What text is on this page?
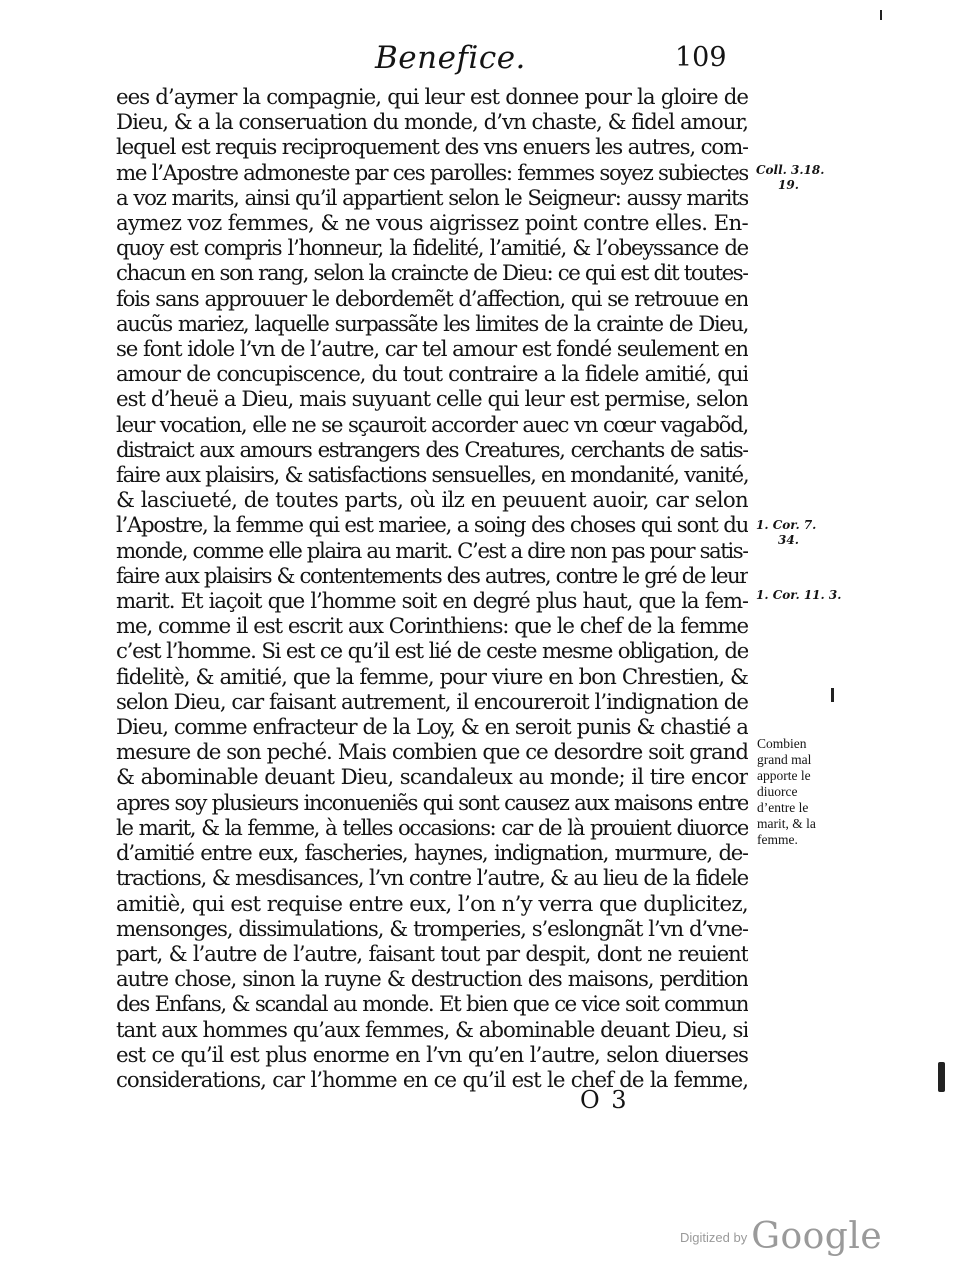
Benefice.	109
ees d’aymer la compagnie, qui leur est donnee pour la gloire de
Dieu, & a la conseruation du monde, d’vn chaste, & fidel amour,
lequel est requis reciproquement des vns enuers les autres, com-
me l’Apostre admoneste par ces parolles: femmes soyez subiectes
a voz marits, ainsi qu’il appartient selon le Seigneur: aussy marits
aymez voz femmes, & ne vous aigrissez point contre elles. En-
quoy est compris l’honneur, la fidelité, l’amitié, & l’obeyssance de
chacun en son rang, selon la craincte de Dieu: ce qui est dit toutes-
fois sans approuuer le debordemẽt d’affection, qui se retrouue en
aucũs mariez, laquelle surpassãte les limites de la crainte de Dieu,
se font idole l’vn de l’autre, car tel amour est fondé seulement en
amour de concupiscence, du tout contraire a la fidele amitié, qui
est d’heuë a Dieu, mais suyuant celle qui leur est permise, selon
leur vocation, elle ne se sçauroit accorder auec vn cœur vagabõd,
distraict aux amours estrangers des Creatures, cerchants de satis-
faire aux plaisirs, & satisfactions sensuelles, en mondanité, vanité,
& lasciueté, de toutes parts, où ilz en peuuent auoir, car selon
l’Apostre, la femme qui est mariee, a soing des choses qui sont du
monde, comme elle plaira au marit. C’est a dire non pas pour satis-
faire aux plaisirs & contentements des autres, contre le gré de leur
marit. Et iaçoit que l’homme soit en degré plus haut, que la fem-
me, comme il est escrit aux Corinthiens: que le chef de la femme
c’est l’homme. Si est ce qu’il est lié de ceste mesme obligation, de
fidelitè, & amitié, que la femme, pour viure en bon Chrestien, &
selon Dieu, car faisant autrement, il encoureroit l’indignation de
Dieu, comme enfracteur de la Loy, & en seroit punis & chastié a
mesure de son peché. Mais combien que ce desordre soit grand
& abominable deuant Dieu, scandaleux au monde; il tire encor
apres soy plusieurs inconueniẽs qui sont causez aux maisons entre
le marit, & la femme, à telles occasions: car de là prouient diuorce
d’amitié entre eux, fascheries, haynes, indignation, murmure, de-
tractions, & mesdisances, l’vn contre l’autre, & au lieu de la fidele
amitiè, qui est requise entre eux, l’on n’y verra que duplicitez,
mensonges, dissimulations, & tromperies, s’eslongnãt l’vn d’vne-
part, & l’autre de l’autre, faisant tout par despit, dont ne reuient
autre chose, sinon la ruyne & destruction des maisons, perdition
des Enfans, & scandal au monde. Et bien que ce vice soit commun
tant aux hommes qu’aux femmes, & abominable deuant Dieu, si
est ce qu’il est plus enorme en l’vn qu’en l’autre, selon diuerses
considerations, car l’homme en ce qu’il est le chef de la femme,
Coll. 3.18.
19.
1. Cor. 7.
34.
1. Cor. 11. 3.
Combien
grand mal
apporte le
diuorce
d’entre le
marit, & la
femme.
O 3
$^{Digitized by}$ Google
